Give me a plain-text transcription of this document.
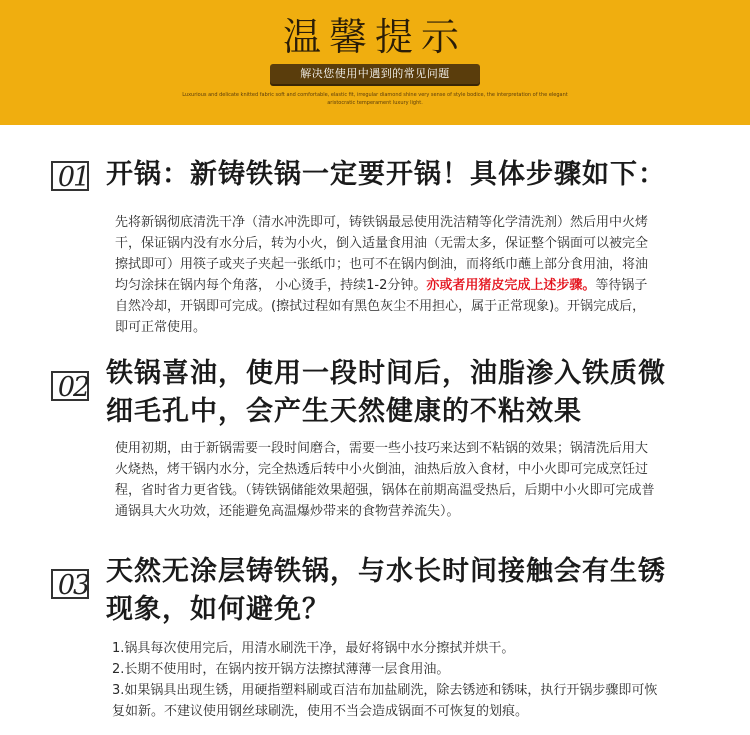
温馨提示
解决您使用中遇到的常见问题
Luxurious and delicate knitted fabric soft and comfortable, elastic fit, irregular diamond shine very sense of style bodice, the interpretation of the elegant aristocratic temperament luxury light.
01 开锅：新铸铁锅一定要开锅！具体步骤如下：
先将新锅彻底清洗干净（清水冲洗即可，铸铁锅最忌使用洗洁精等化学清洗剂）然后用中火烤干，保证锅内没有水分后，转为小火，倒入适量食用油（无需太多，保证整个锅面可以被完全擦拭即可）用筷子或夹子夹起一张纸巾；也可不在锅内倒油，而将纸巾蘸上部分食用油，将油均匀涂抹在锅内每个角落， 小心烫手，持续1-2分钟。亦或者用猪皮完成上述步骤。等待锅子自然冷却，开锅即可完成。(擦拭过程如有黑色灰尘不用担心，属于正常现象)。开锅完成后，即可正常使用。
02 铁锅喜油，使用一段时间后，油脂渗入铁质微细毛孔中，会产生天然健康的不粘效果
使用初期，由于新锅需要一段时间磨合，需要一些小技巧来达到不粘锅的效果；锅清洗后用大火烧热，烤干锅内水分，完全热透后转中小火倒油，油热后放入食材，中小火即可完成烹饪过程，省时省力更省钱。（铸铁锅储能效果超强，锅体在前期高温受热后，后期中小火即可完成普通锅具大火功效，还能避免高温爆炒带来的食物营养流失）。
03 天然无涂层铸铁锅，与水长时间接触会有生锈现象，如何避免？
1.锅具每次使用完后，用清水刷洗干净，最好将锅中水分擦拭并烘干。
2.长期不使用时，在锅内按开锅方法擦拭薄薄一层食用油。
3.如果锅具出现生锈，用硬指塑料刷或百洁布加盐刷洗，除去锈迹和锈味，执行开锅步骤即可恢复如新。不建议使用钢丝球刷洗，使用不当会造成锅面不可恢复的划痕。
